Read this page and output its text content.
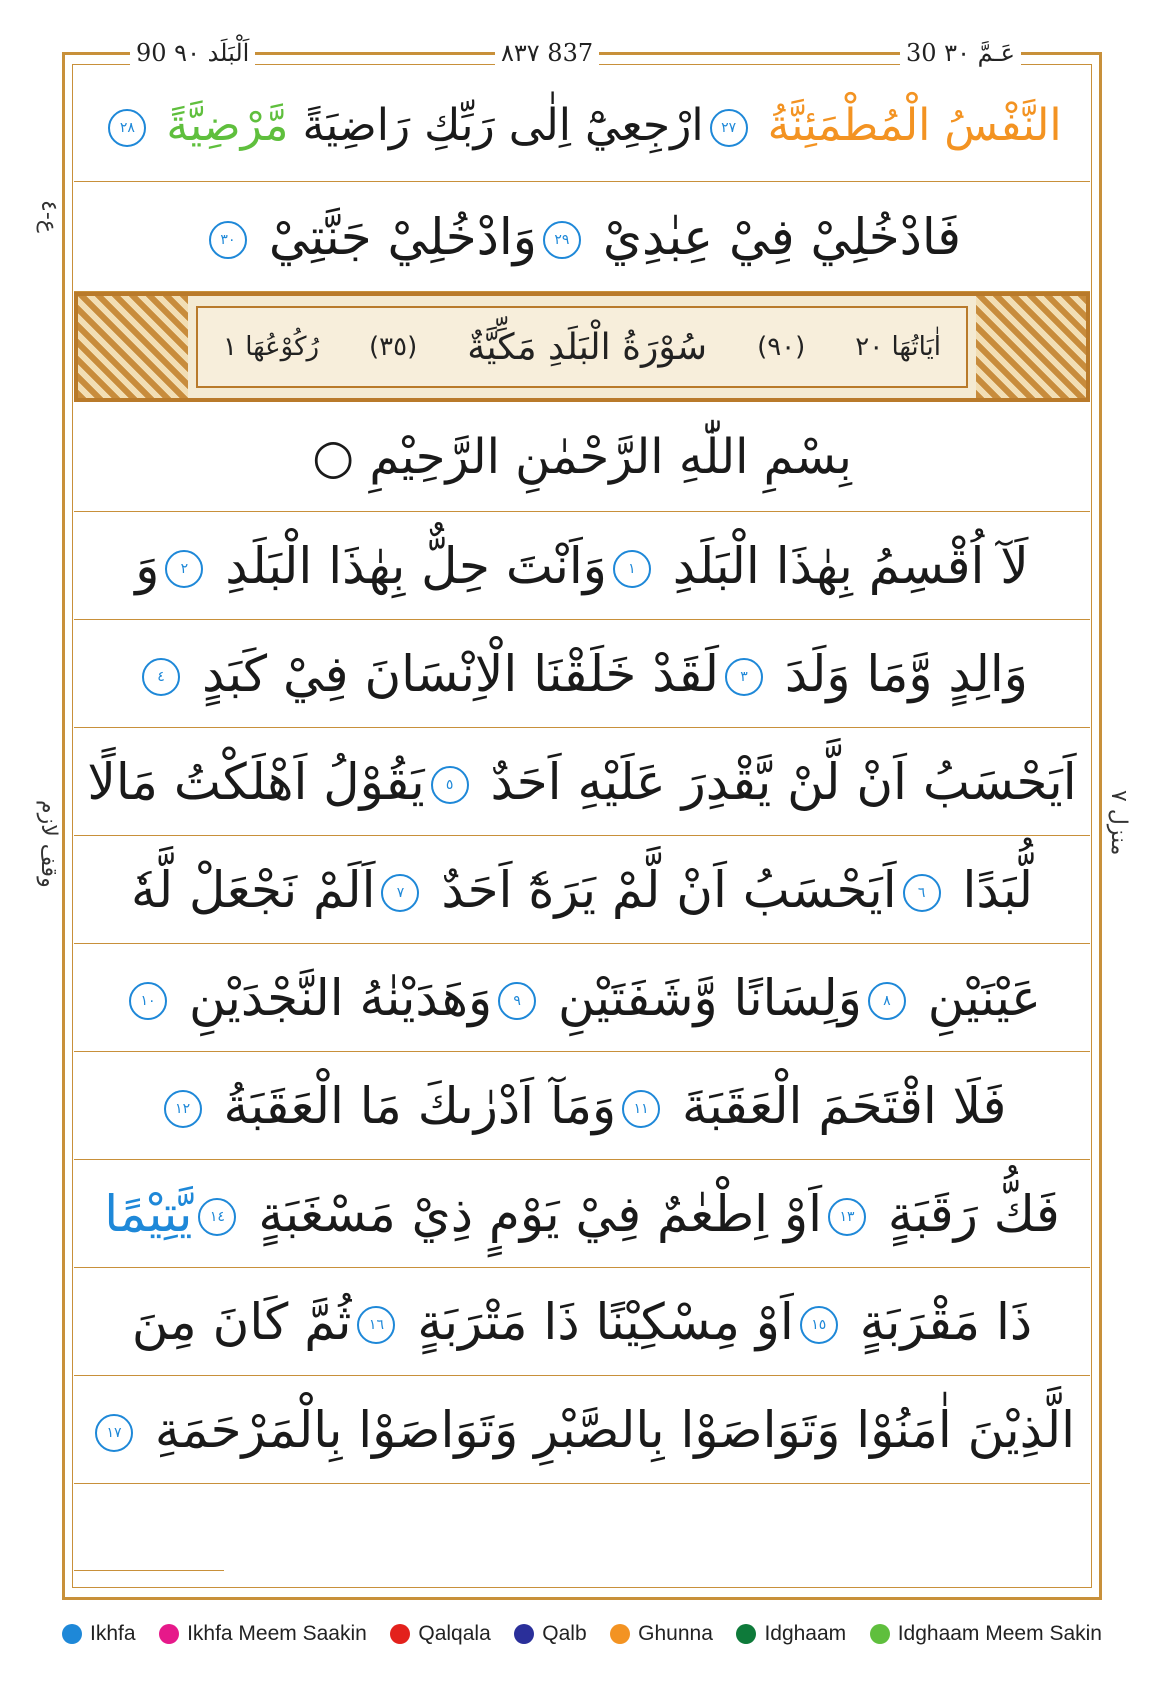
90 اَلْبَلَد ٩٠	٨٣٧ 837	30 عَـمَّ ٣٠
ع‐٤
وقف لازم
منزل ٧
النَّفْسُ الْمُطْمَئِنَّةُ ٢٧ارْجِعِيْٓ اِلٰى رَبِّكِ رَاضِيَةً مَّرْضِيَّةً ٢٨
فَادْخُلِيْ فِيْ عِبٰدِيْ ٢٩وَادْخُلِيْ جَنَّتِيْ ٣٠
اٰيَاتُهَا ٢٠
(٩٠)
سُوْرَةُ الْبَلَدِ مَكِّيَّةٌ
(٣٥)
رُكُوْعُهَا ١
بِسْمِ اللّٰهِ الرَّحْمٰنِ الرَّحِيْمِ ○
لَآ اُقْسِمُ بِهٰذَا الْبَلَدِ ١وَاَنْتَ حِلٌّ بِهٰذَا الْبَلَدِ ٢وَ
وَالِدٍ وَّمَا وَلَدَ ٣لَقَدْ خَلَقْنَا الْاِنْسَانَ فِيْ كَبَدٍ ٤
اَيَحْسَبُ اَنْ لَّنْ يَّقْدِرَ عَلَيْهِ اَحَدٌ ٥يَقُوْلُ اَهْلَكْتُ مَالًا
لُّبَدًا ٦اَيَحْسَبُ اَنْ لَّمْ يَرَهٗٓ اَحَدٌ ٧اَلَمْ نَجْعَلْ لَّهٗ
عَيْنَيْنِ ٨وَلِسَانًا وَّشَفَتَيْنِ ٩وَهَدَيْنٰهُ النَّجْدَيْنِ ١٠
فَلَا اقْتَحَمَ الْعَقَبَةَ ١١وَمَآ اَدْرٰىكَ مَا الْعَقَبَةُ ١٢
فَكُّ رَقَبَةٍ ١٣اَوْ اِطْعٰمٌ فِيْ يَوْمٍ ذِيْ مَسْغَبَةٍ ١٤يَّتِيْمًا
ذَا مَقْرَبَةٍ ١٥اَوْ مِسْكِيْنًا ذَا مَتْرَبَةٍ ١٦ثُمَّ كَانَ مِنَ
الَّذِيْنَ اٰمَنُوْا وَتَوَاصَوْا بِالصَّبْرِ وَتَوَاصَوْا بِالْمَرْحَمَةِ ١٧
Ikhfa Ikhfa Meem Saakin Qalqala Qalb Ghunna Idghaam Idghaam Meem Sakin
